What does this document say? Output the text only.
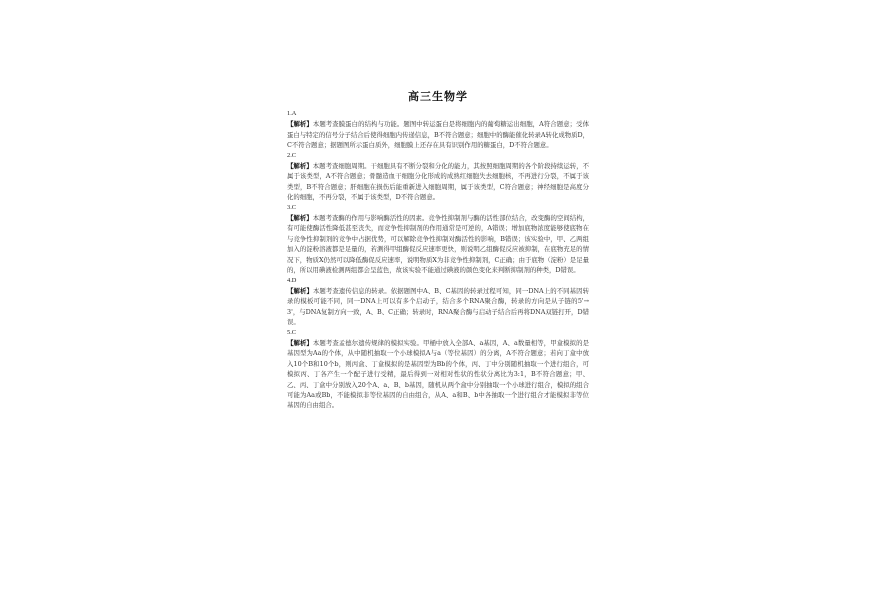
高三生物学

1.A

【解析】本题考查膜蛋白的结构与功能。题图中转运蛋白是将细胞内的葡萄糖运出细胞，A符合题意；受体蛋白与特定的信号分子结合后使得细胞内传递信息，B不符合题意；细胞中的酶能催化转录A转化成物质D，C不符合题意；据题图所示蛋白质外，细胞膜上还存在具有识别作用的糖蛋白，D不符合题意。

2.C

【解析】本题考查细胞周期。干细胞具有不断分裂和分化的能力，其按照细胞周期的各个阶段持续运转，不属于该类型，A不符合题意；骨髓造血干细胞分化形成的成熟红细胞失去细胞核，不再进行分裂，不属于该类型，B不符合题意；肝细胞在损伤后能重新进入细胞周期，属于该类型，C符合题意；神经细胞是高度分化的细胞，不再分裂，不属于该类型，D不符合题意。

3.C

【解析】本题考查酶的作用与影响酶活性的因素。竞争性抑制剂与酶的活性部位结合，改变酶的空间结构，有可能使酶活性降低甚至丧失，而竞争性抑制剂的作用通常是可逆的，A错误；增加底物浓度能够使底物在与竞争性抑制剂的竞争中占据优势，可以解除竞争性抑制对酶活性的影响，B错误；该实验中，甲、乙两组加入的淀粉溶液都是足量的，若测得甲组酶促反应速率更快，则说明乙组酶促反应被抑制，在底物充足的情况下，物质X仍然可以降低酶促反应速率，说明物质X为非竞争性抑制剂，C正确；由于底物（淀粉）是足量的，所以用碘液检测两组都会呈蓝色，故该实验不能通过碘液的颜色变化来判断抑制剂的种类，D错误。

4.D

【解析】本题考查遗传信息的转录。依据题图中A、B、C基因的转录过程可知，同一DNA上的不同基因转录的模板可能不同，同一DNA上可以有多个启动子，结合多个RNA聚合酶，转录的方向是从子链的5'→3'，与DNA复制方向一致，A、B、C正确；转录时，RNA聚合酶与启动子结合后再将DNA双链打开，D错误。

5.C

【解析】本题考查孟德尔遗传规律的模拟实验。甲桶中放入全部A、a基因，A、a数量相等，甲盒模拟的是基因型为Aa的个体，从中随机抽取一个小球模拟A与a（等位基因）的分离，A不符合题意；若向丁盒中放入10个B和10个b，则丙盒、丁盒模拟的是基因型为Bb的个体，丙、丁中分别随机抽取一个进行组合，可模拟丙、丁各产生一个配子进行受精，最后得到一对相对性状的性状分离比为3:1，B不符合题意；甲、乙、丙、丁盒中分别放入20个A、a、B、b基因，随机从两个盒中分别抽取一个小球进行组合，模拟的组合可能为Aa或Bb，不能模拟非等位基因的自由组合，从A、a和B、b中各抽取一个进行组合才能模拟非等位基因的自由组合。
